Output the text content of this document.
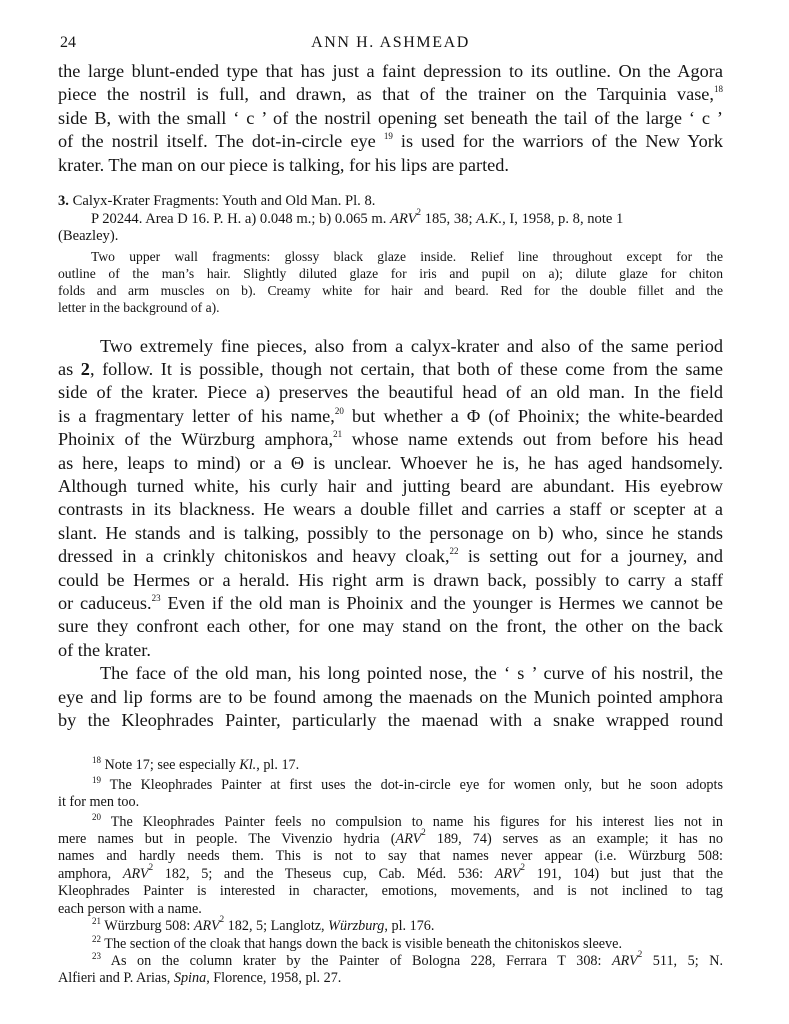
24	ANN H. ASHMEAD

the large blunt-ended type that has just a faint depression to its outline. On the Agora
piece the nostril is full, and drawn, as that of the trainer on the Tarquinia vase,$^{18}$
side B, with the small ‘ c ’ of the nostril opening set beneath the tail of the large ‘ c ’
of the nostril itself. The dot-in-circle eye $^{19}$ is used for the warriors of the New York
krater. The man on our piece is talking, for his lips are parted.

3. Calyx-Krater Fragments: Youth and Old Man. Pl. 8.
P 20244. Area D 16. P. H. a) 0.048 m.; b) 0.065 m. ARV$^2$ 185, 38; A.K., I, 1958, p. 8, note 1
(Beazley).
Two upper wall fragments: glossy black glaze inside. Relief line throughout except for the
outline of the man’s hair. Slightly diluted glaze for iris and pupil on a); dilute glaze for chiton
folds and arm muscles on b). Creamy white for hair and beard. Red for the double fillet and the
letter in the background of a).

Two extremely fine pieces, also from a calyx-krater and also of the same period
as 2, follow. It is possible, though not certain, that both of these come from the same
side of the krater. Piece a) preserves the beautiful head of an old man. In the field
is a fragmentary letter of his name,$^{20}$ but whether a Φ (of Phoinix; the white-bearded
Phoinix of the Würzburg amphora,$^{21}$ whose name extends out from before his head
as here, leaps to mind) or a Θ is unclear. Whoever he is, he has aged handsomely.
Although turned white, his curly hair and jutting beard are abundant. His eyebrow
contrasts in its blackness. He wears a double fillet and carries a staff or scepter at a
slant. He stands and is talking, possibly to the personage on b) who, since he stands
dressed in a crinkly chitoniskos and heavy cloak,$^{22}$ is setting out for a journey, and
could be Hermes or a herald. His right arm is drawn back, possibly to carry a staff
or caduceus.$^{23}$ Even if the old man is Phoinix and the younger is Hermes we cannot be
sure they confront each other, for one may stand on the front, the other on the back
of the krater.

The face of the old man, his long pointed nose, the ‘ s ’ curve of his nostril, the
eye and lip forms are to be found among the maenads on the Munich pointed amphora
by the Kleophrades Painter, particularly the maenad with a snake wrapped round

$^{18}$ Note 17; see especially Kl., pl. 17.
$^{19}$ The Kleophrades Painter at first uses the dot-in-circle eye for women only, but he soon adopts
it for men too.
$^{20}$ The Kleophrades Painter feels no compulsion to name his figures for his interest lies not in
mere names but in people. The Vivenzio hydria (ARV$^2$ 189, 74) serves as an example; it has no
names and hardly needs them. This is not to say that names never appear (i.e. Würzburg 508:
amphora, ARV$^2$ 182, 5; and the Theseus cup, Cab. Méd. 536: ARV$^2$ 191, 104) but just that the
Kleophrades Painter is interested in character, emotions, movements, and is not inclined to tag
each person with a name.
$^{21}$ Würzburg 508: ARV$^2$ 182, 5; Langlotz, Würzburg, pl. 176.
$^{22}$ The section of the cloak that hangs down the back is visible beneath the chitoniskos sleeve.
$^{23}$ As on the column krater by the Painter of Bologna 228, Ferrara T 308: ARV$^2$ 511, 5; N.
Alfieri and P. Arias, Spina, Florence, 1958, pl. 27.
